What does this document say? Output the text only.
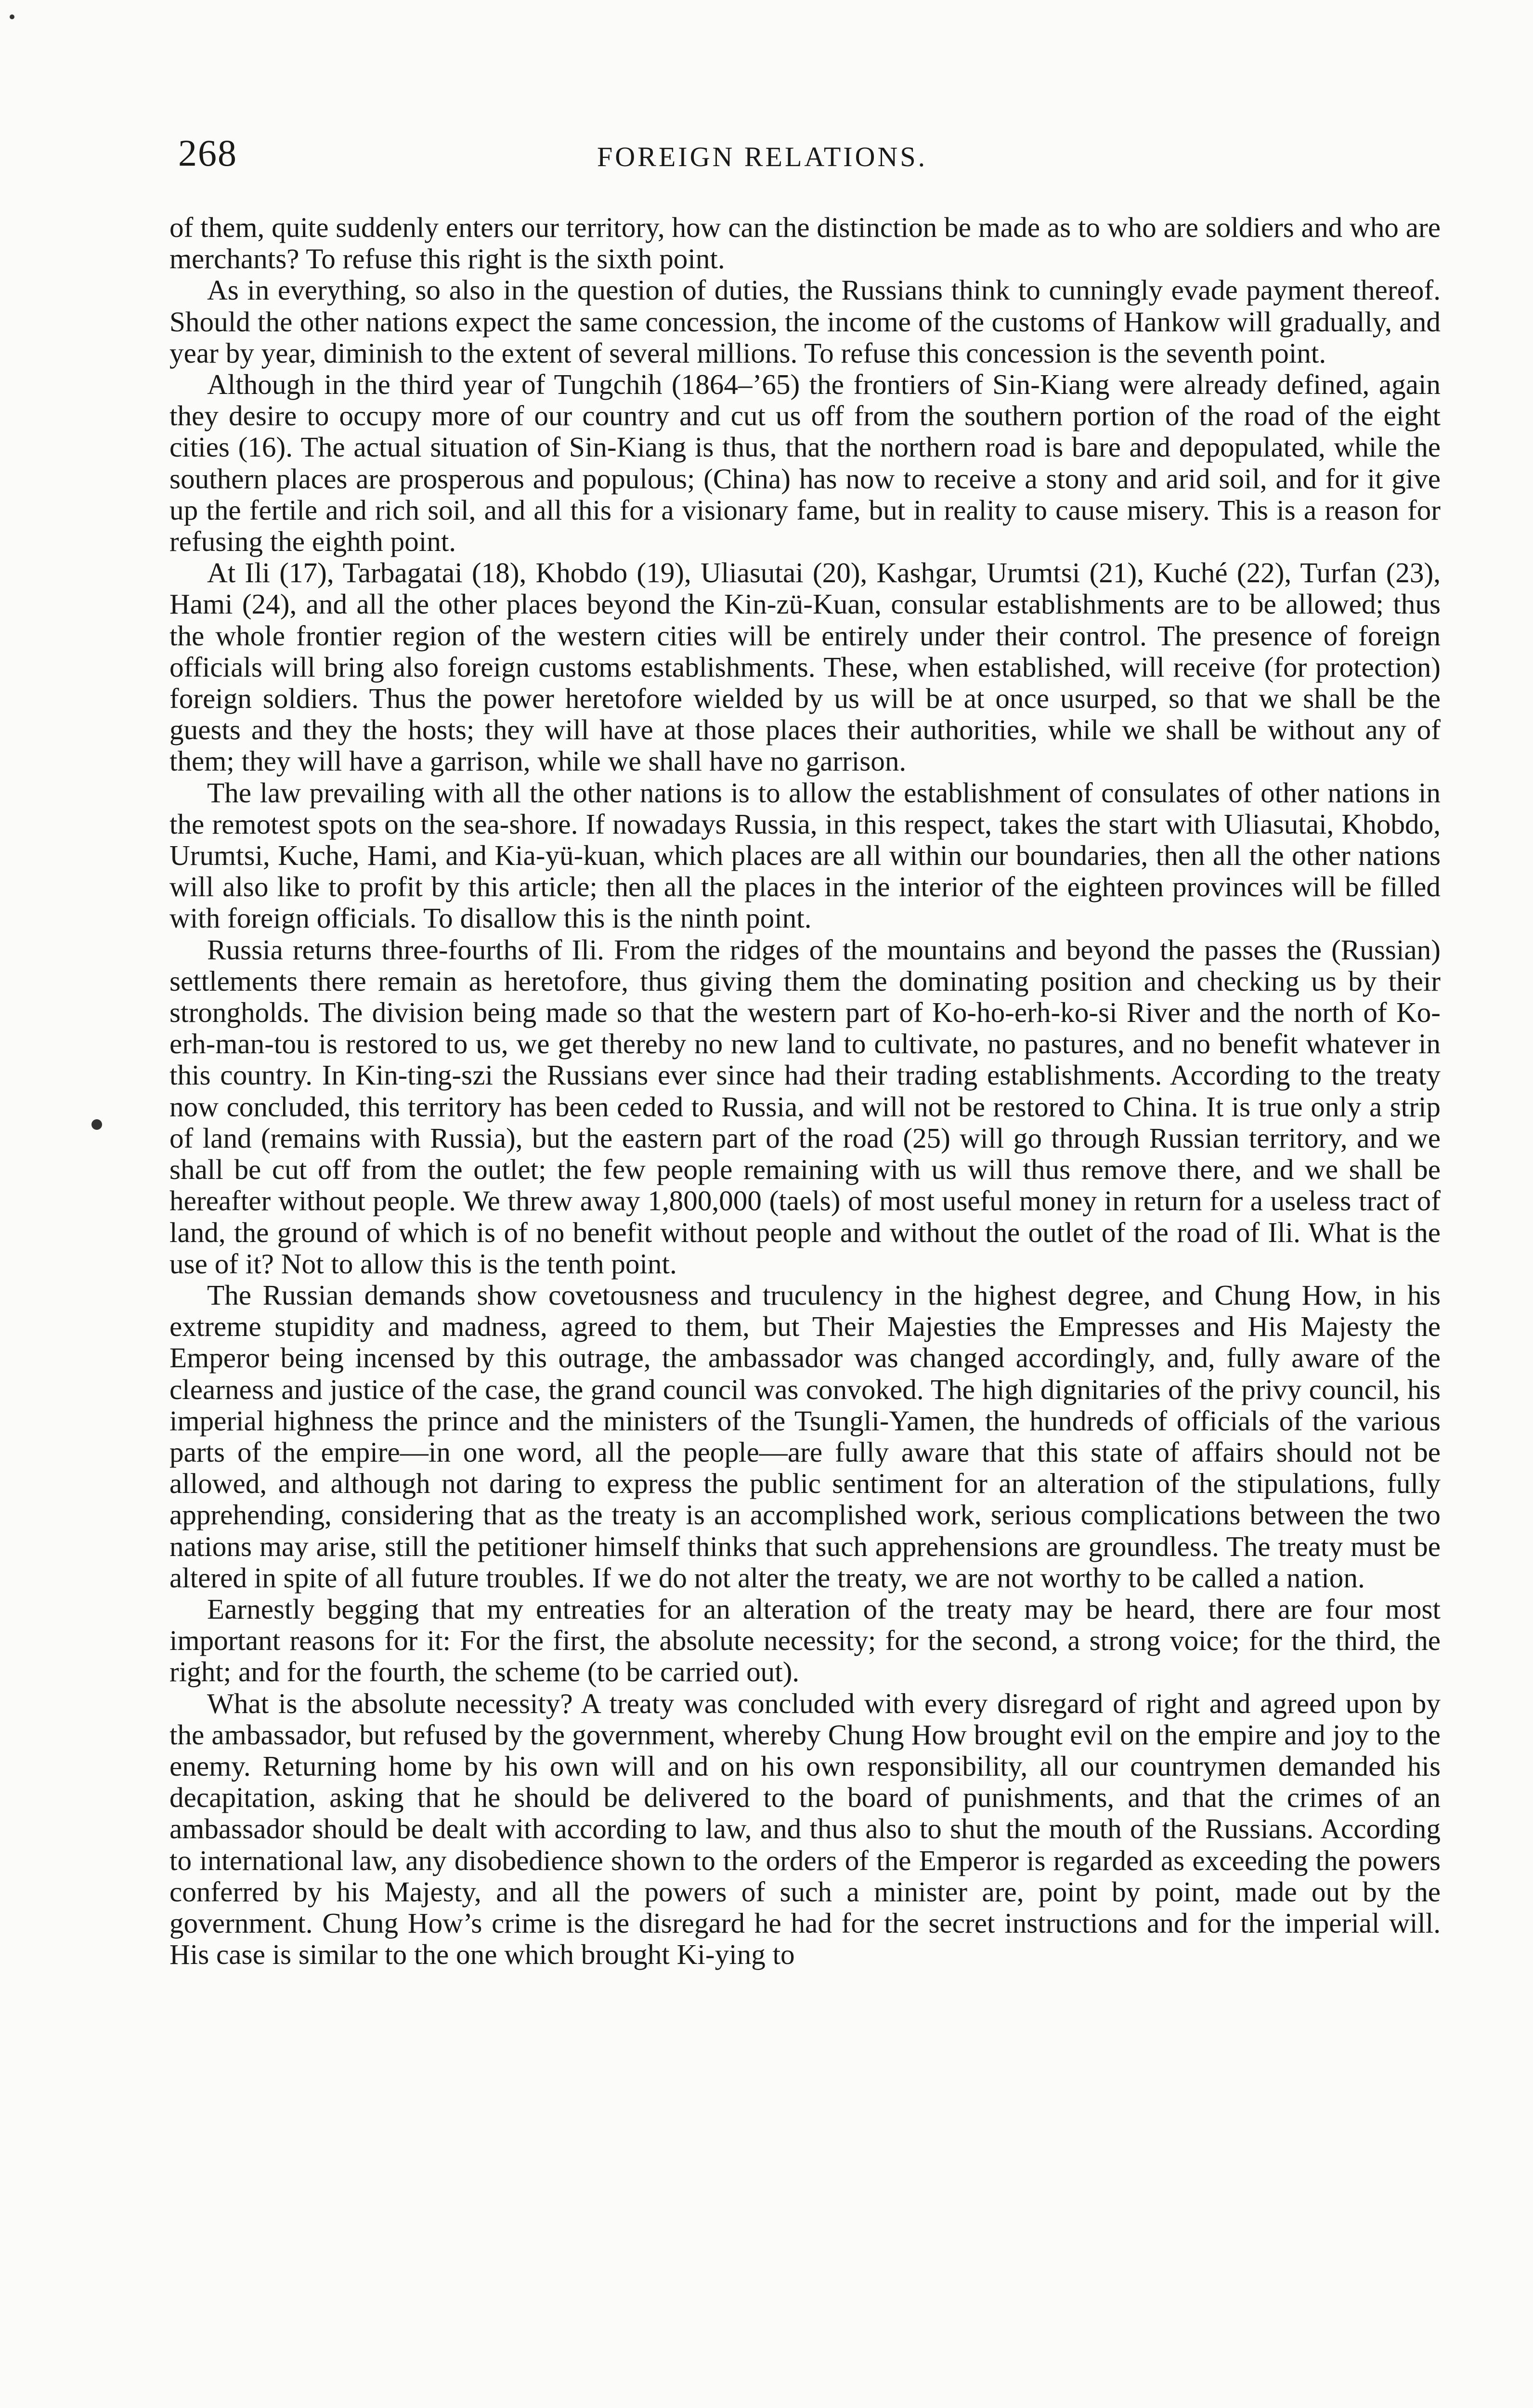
268	FOREIGN RELATIONS.

of them, quite suddenly enters our territory, how can the distinction be made as to who are soldiers and who are merchants? To refuse this right is the sixth point.

As in everything, so also in the question of duties, the Russians think to cunningly evade payment thereof. Should the other nations expect the same concession, the income of the customs of Hankow will gradually, and year by year, diminish to the extent of several millions. To refuse this concession is the seventh point.

Although in the third year of Tungchih (1864–’65) the frontiers of Sin-Kiang were already defined, again they desire to occupy more of our country and cut us off from the southern portion of the road of the eight cities (16). The actual situation of Sin-Kiang is thus, that the northern road is bare and depopulated, while the southern places are prosperous and populous; (China) has now to receive a stony and arid soil, and for it give up the fertile and rich soil, and all this for a visionary fame, but in reality to cause misery. This is a reason for refusing the eighth point.

At Ili (17), Tarbagatai (18), Khobdo (19), Uliasutai (20), Kashgar, Urumtsi (21), Kuché (22), Turfan (23), Hami (24), and all the other places beyond the Kin-zü-Kuan, consular establishments are to be allowed; thus the whole frontier region of the western cities will be entirely under their control. The presence of foreign officials will bring also foreign customs establishments. These, when established, will receive (for protection) foreign soldiers. Thus the power heretofore wielded by us will be at once usurped, so that we shall be the guests and they the hosts; they will have at those places their authorities, while we shall be without any of them; they will have a garrison, while we shall have no garrison.

The law prevailing with all the other nations is to allow the establishment of consulates of other nations in the remotest spots on the sea-shore. If nowadays Russia, in this respect, takes the start with Uliasutai, Khobdo, Urumtsi, Kuche, Hami, and Kia-yü-kuan, which places are all within our boundaries, then all the other nations will also like to profit by this article; then all the places in the interior of the eighteen provinces will be filled with foreign officials. To disallow this is the ninth point.

Russia returns three-fourths of Ili. From the ridges of the mountains and beyond the passes the (Russian) settlements there remain as heretofore, thus giving them the dominating position and checking us by their strongholds. The division being made so that the western part of Ko-ho-erh-ko-si River and the north of Ko-erh-man-tou is restored to us, we get thereby no new land to cultivate, no pastures, and no benefit whatever in this country. In Kin-ting-szi the Russians ever since had their trading establishments. According to the treaty now concluded, this territory has been ceded to Russia, and will not be restored to China. It is true only a strip of land (remains with Russia), but the eastern part of the road (25) will go through Russian territory, and we shall be cut off from the outlet; the few people remaining with us will thus remove there, and we shall be hereafter without people. We threw away 1,800,000 (taels) of most useful money in return for a useless tract of land, the ground of which is of no benefit without people and without the outlet of the road of Ili. What is the use of it? Not to allow this is the tenth point.

The Russian demands show covetousness and truculency in the highest degree, and Chung How, in his extreme stupidity and madness, agreed to them, but Their Majesties the Empresses and His Majesty the Emperor being incensed by this outrage, the ambassador was changed accordingly, and, fully aware of the clearness and justice of the case, the grand council was convoked. The high dignitaries of the privy council, his imperial highness the prince and the ministers of the Tsungli-Yamen, the hundreds of officials of the various parts of the empire—in one word, all the people—are fully aware that this state of affairs should not be allowed, and although not daring to express the public sentiment for an alteration of the stipulations, fully apprehending, considering that as the treaty is an accomplished work, serious complications between the two nations may arise, still the petitioner himself thinks that such apprehensions are groundless. The treaty must be altered in spite of all future troubles. If we do not alter the treaty, we are not worthy to be called a nation.

Earnestly begging that my entreaties for an alteration of the treaty may be heard, there are four most important reasons for it: For the first, the absolute necessity; for the second, a strong voice; for the third, the right; and for the fourth, the scheme (to be carried out).

What is the absolute necessity? A treaty was concluded with every disregard of right and agreed upon by the ambassador, but refused by the government, whereby Chung How brought evil on the empire and joy to the enemy. Returning home by his own will and on his own responsibility, all our countrymen demanded his decapitation, asking that he should be delivered to the board of punishments, and that the crimes of an ambassador should be dealt with according to law, and thus also to shut the mouth of the Russians. According to international law, any disobedience shown to the orders of the Emperor is regarded as exceeding the powers conferred by his Majesty, and all the powers of such a minister are, point by point, made out by the government. Chung How’s crime is the disregard he had for the secret instructions and for the imperial will. His case is similar to the one which brought Ki-ying to
